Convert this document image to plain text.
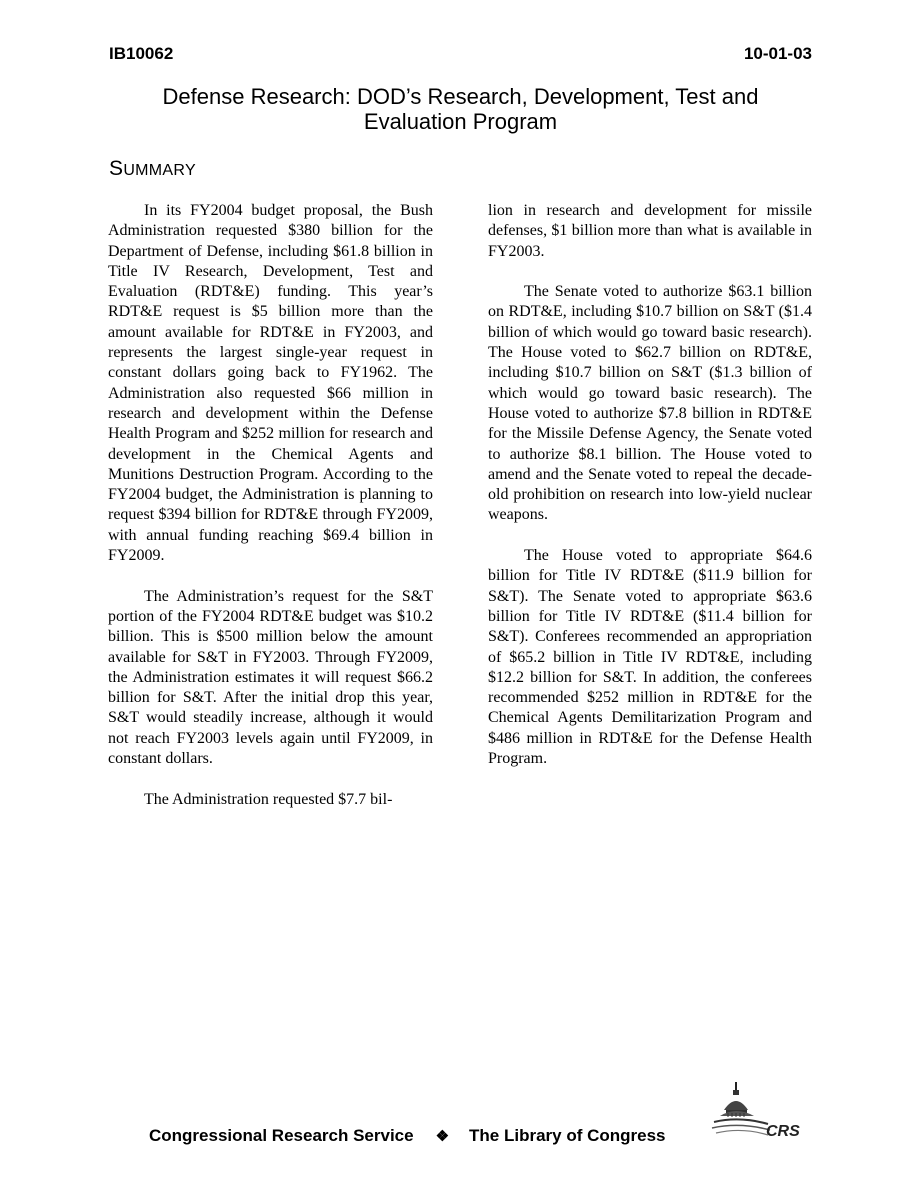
IB10062	10-01-03
Defense Research: DOD’s Research, Development, Test and
Evaluation Program
SUMMARY

In its FY2004 budget proposal, the Bush Administration requested $380 billion for the Department of Defense, including $61.8 billion in Title IV Research, Development, Test and Evaluation (RDT&E) funding. This year’s RDT&E request is $5 billion more than the amount available for RDT&E in FY2003, and represents the largest single-year request in constant dollars going back to FY1962. The Administration also requested $66 million in research and development within the Defense Health Program and $252 million for research and development in the Chemical Agents and Munitions Destruction Program. According to the FY2004 budget, the Administration is planning to request $394 billion for RDT&E through FY2009, with annual funding reaching $69.4 billion in FY2009.

The Administration’s request for the S&T portion of the FY2004 RDT&E budget was $10.2 billion. This is $500 million below the amount available for S&T in FY2003. Through FY2009, the Administration estimates it will request $66.2 billion for S&T. After the initial drop this year, S&T would steadily increase, although it would not reach FY2003 levels again until FY2009, in constant dollars.

The Administration requested $7.7 bil-

lion in research and development for missile defenses, $1 billion more than what is available in FY2003.

The Senate voted to authorize $63.1 billion on RDT&E, including $10.7 billion on S&T ($1.4 billion of which would go toward basic research). The House voted to $62.7 billion on RDT&E, including $10.7 billion on S&T ($1.3 billion of which would go toward basic research). The House voted to authorize $7.8 billion in RDT&E for the Missile Defense Agency, the Senate voted to authorize $8.1 billion. The House voted to amend and the Senate voted to repeal the decade-old prohibition on research into low-yield nuclear weapons.

The House voted to appropriate $64.6 billion for Title IV RDT&E ($11.9 billion for S&T). The Senate voted to appropriate $63.6 billion for Title IV RDT&E ($11.4 billion for S&T). Conferees recommended an appropriation of $65.2 billion in Title IV RDT&E, including $12.2 billion for S&T. In addition, the conferees recommended $252 million in RDT&E for the Chemical Agents Demilitarization Program and $486 million in RDT&E for the Defense Health Program.

Congressional Research Service ❖ The Library of Congress	CRS
